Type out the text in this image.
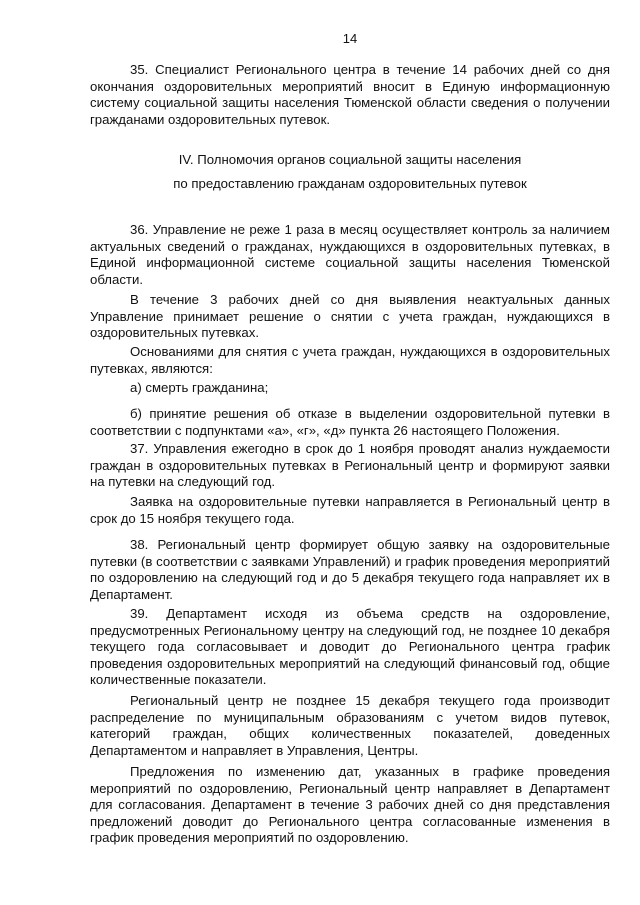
14

35. Специалист Регионального центра в течение 14 рабочих дней со дня окончания оздоровительных мероприятий вносит в Единую информационную систему социальной защиты населения Тюменской области сведения о получении гражданами оздоровительных путевок.

IV. Полномочия органов социальной защиты населения

по предоставлению гражданам оздоровительных путевок

36. Управление не реже 1 раза в месяц осуществляет контроль за наличием актуальных сведений о гражданах, нуждающихся в оздоровительных путевках, в Единой информационной системе социальной защиты населения Тюменской области.

В течение 3 рабочих дней со дня выявления неактуальных данных Управление принимает решение о снятии с учета граждан, нуждающихся в оздоровительных путевках.

Основаниями для снятия с учета граждан, нуждающихся в оздоровительных путевках, являются:

а) смерть гражданина;

б) принятие решения об отказе в выделении оздоровительной путевки в соответствии с подпунктами «а», «г», «д» пункта 26 настоящего Положения.

37. Управления ежегодно в срок до 1 ноября проводят анализ нуждаемости граждан в оздоровительных путевках в Региональный центр и формируют заявки на путевки на следующий год.

Заявка на оздоровительные путевки направляется в Региональный центр в срок до 15 ноября текущего года.

38. Региональный центр формирует общую заявку на оздоровительные путевки (в соответствии с заявками Управлений) и график проведения мероприятий по оздоровлению на следующий год и до 5 декабря текущего года направляет их в Департамент.

39. Департамент исходя из объема средств на оздоровление, предусмотренных Региональному центру на следующий год, не позднее 10 декабря текущего года согласовывает и доводит до Регионального центра график проведения оздоровительных мероприятий на следующий финансовый год, общие количественные показатели.

Региональный центр не позднее 15 декабря текущего года производит распределение по муниципальным образованиям с учетом видов путевок, категорий граждан, общих количественных показателей, доведенных Департаментом и направляет в Управления, Центры.

Предложения по изменению дат, указанных в графике проведения мероприятий по оздоровлению, Региональный центр направляет в Департамент для согласования. Департамент в течение 3 рабочих дней со дня представления предложений доводит до Регионального центра согласованные изменения в график проведения мероприятий по оздоровлению.
